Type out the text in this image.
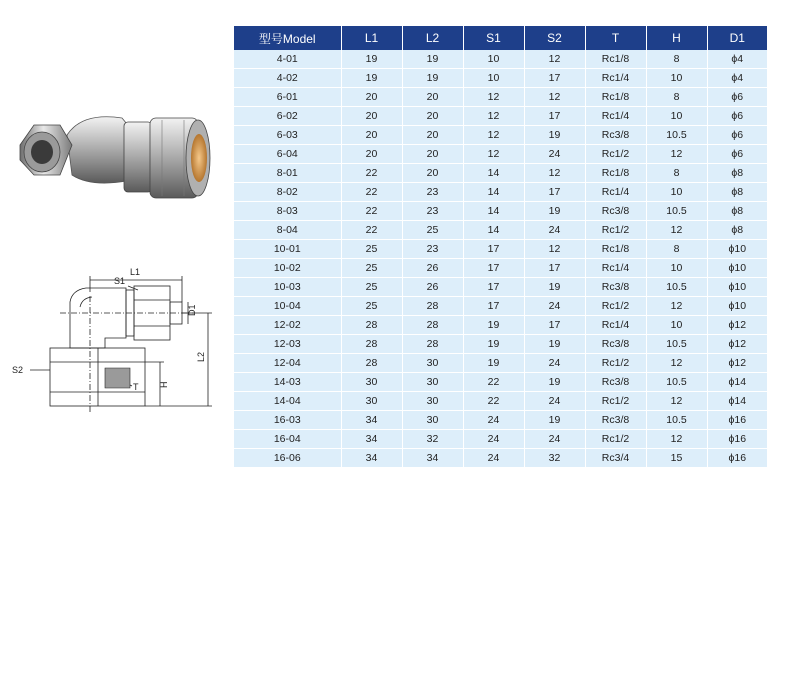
L1
S1
D1
L2
S2
T H
型号Model	L1	L2	S1	S2	T	H	D1
4-01	19	19	10	12	Rc1/8	8	ϕ4
4-02	19	19	10	17	Rc1/4	10	ϕ4
6-01	20	20	12	12	Rc1/8	8	ϕ6
6-02	20	20	12	17	Rc1/4	10	ϕ6
6-03	20	20	12	19	Rc3/8	10.5	ϕ6
6-04	20	20	12	24	Rc1/2	12	ϕ6
8-01	22	20	14	12	Rc1/8	8	ϕ8
8-02	22	23	14	17	Rc1/4	10	ϕ8
8-03	22	23	14	19	Rc3/8	10.5	ϕ8
8-04	22	25	14	24	Rc1/2	12	ϕ8
10-01	25	23	17	12	Rc1/8	8	ϕ10
10-02	25	26	17	17	Rc1/4	10	ϕ10
10-03	25	26	17	19	Rc3/8	10.5	ϕ10
10-04	25	28	17	24	Rc1/2	12	ϕ10
12-02	28	28	19	17	Rc1/4	10	ϕ12
12-03	28	28	19	19	Rc3/8	10.5	ϕ12
12-04	28	30	19	24	Rc1/2	12	ϕ12
14-03	30	30	22	19	Rc3/8	10.5	ϕ14
14-04	30	30	22	24	Rc1/2	12	ϕ14
16-03	34	30	24	19	Rc3/8	10.5	ϕ16
16-04	34	32	24	24	Rc1/2	12	ϕ16
16-06	34	34	24	32	Rc3/4	15	ϕ16
